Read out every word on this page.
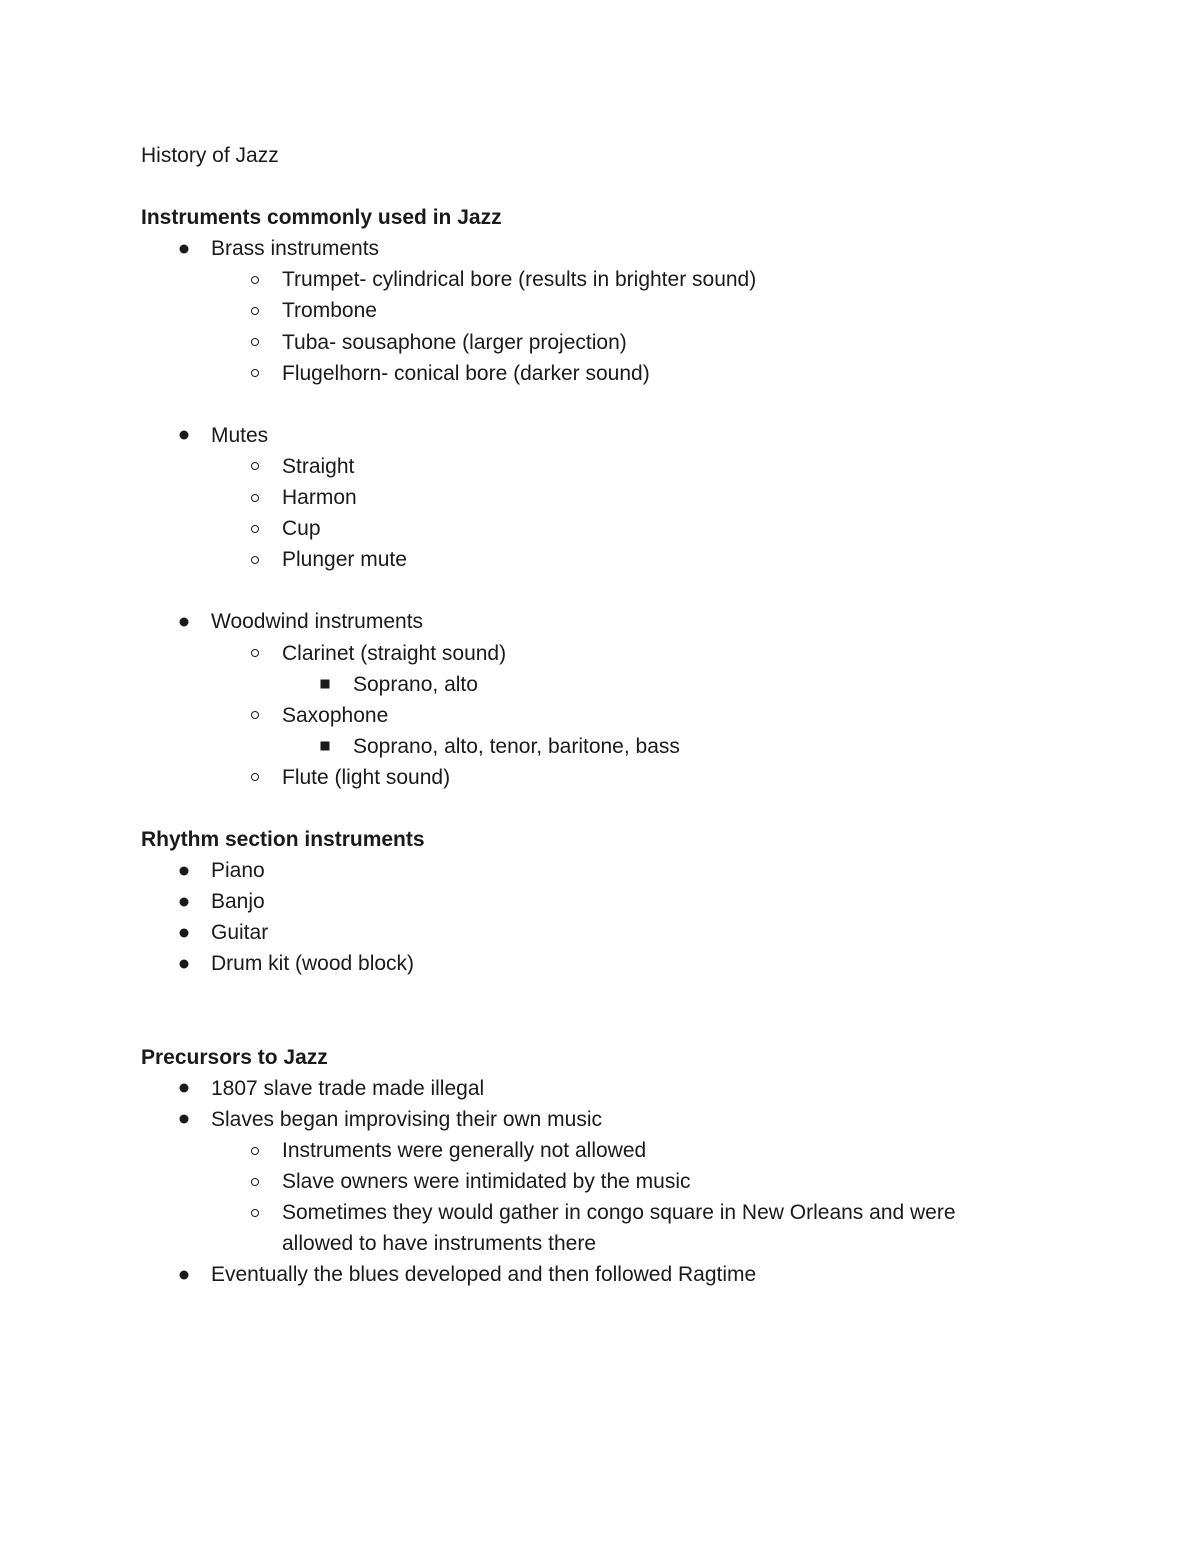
History of Jazz
Instruments commonly used in Jazz
Brass instruments
Trumpet- cylindrical bore (results in brighter sound)
Trombone
Tuba- sousaphone (larger projection)
Flugelhorn- conical bore (darker sound)
Mutes
Straight
Harmon
Cup
Plunger mute
Woodwind instruments
Clarinet (straight sound)
Soprano, alto
Saxophone
Soprano, alto, tenor, baritone, bass
Flute (light sound)
Rhythm section instruments
Piano
Banjo
Guitar
Drum kit (wood block)
Precursors to Jazz
1807 slave trade made illegal
Slaves began improvising their own music
Instruments were generally not allowed
Slave owners were intimidated by the music
Sometimes they would gather in congo square in New Orleans and were
allowed to have instruments there
Eventually the blues developed and then followed Ragtime
